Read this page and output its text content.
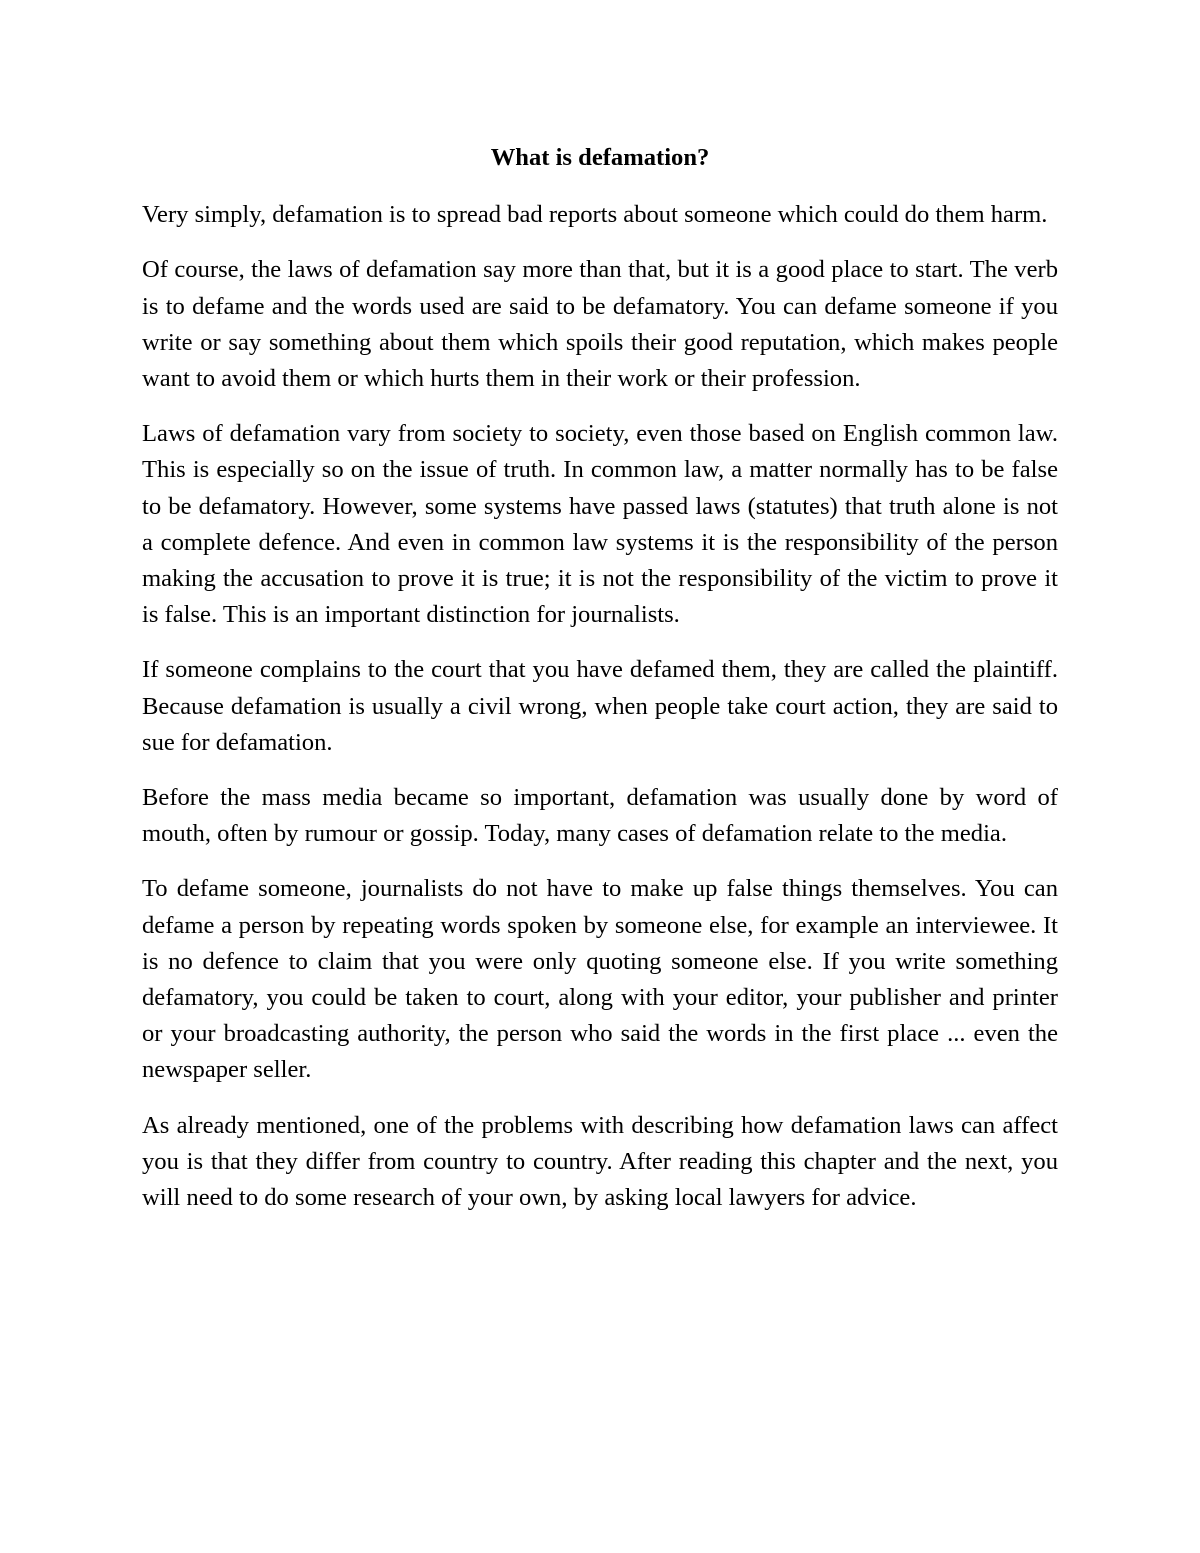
What is defamation?

Very simply, defamation is to spread bad reports about someone which could do them harm.

Of course, the laws of defamation say more than that, but it is a good place to start. The verb is to defame and the words used are said to be defamatory. You can defame someone if you write or say something about them which spoils their good reputation, which makes people want to avoid them or which hurts them in their work or their profession.

Laws of defamation vary from society to society, even those based on English common law. This is especially so on the issue of truth. In common law, a matter normally has to be false to be defamatory. However, some systems have passed laws (statutes) that truth alone is not a complete defence. And even in common law systems it is the responsibility of the person making the accusation to prove it is true; it is not the responsibility of the victim to prove it is false. This is an important distinction for journalists.

If someone complains to the court that you have defamed them, they are called the plaintiff. Because defamation is usually a civil wrong, when people take court action, they are said to sue for defamation.

Before the mass media became so important, defamation was usually done by word of mouth, often by rumour or gossip. Today, many cases of defamation relate to the media.

To defame someone, journalists do not have to make up false things themselves. You can defame a person by repeating words spoken by someone else, for example an interviewee. It is no defence to claim that you were only quoting someone else. If you write something defamatory, you could be taken to court, along with your editor, your publisher and printer or your broadcasting authority, the person who said the words in the first place ... even the newspaper seller.

As already mentioned, one of the problems with describing how defamation laws can affect you is that they differ from country to country. After reading this chapter and the next, you will need to do some research of your own, by asking local lawyers for advice.
